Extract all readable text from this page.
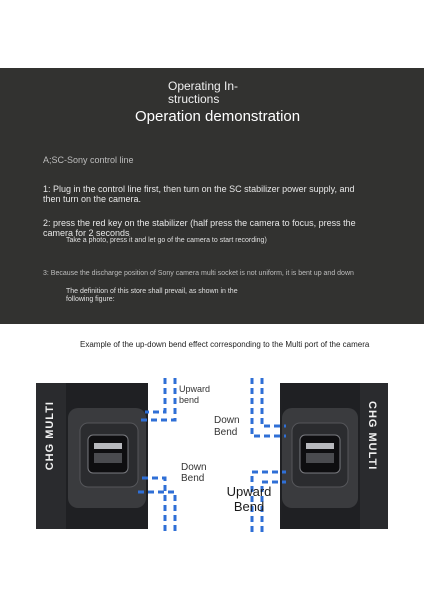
Operating In- structions
Operation demonstration
A;SC-Sony control line
1: Plug in the control line first, then turn on the SC stabilizer power supply, and then turn on the camera.
2: press the red key on the stabilizer (half press the camera to focus, press the camera for 2 seconds
Take a photo, press it and let go of the camera to start recording)
3: Because the discharge position of Sony camera multi socket is not uniform, it is bent up and down
The definition of this store shall prevail, as shown in the following figure:
Example of the up-down bend effect corresponding to the Multi port of the camera
CHG MULTI	CHG MULTI
Upward bend
Down Bend
Down Bend
Upward Bend
